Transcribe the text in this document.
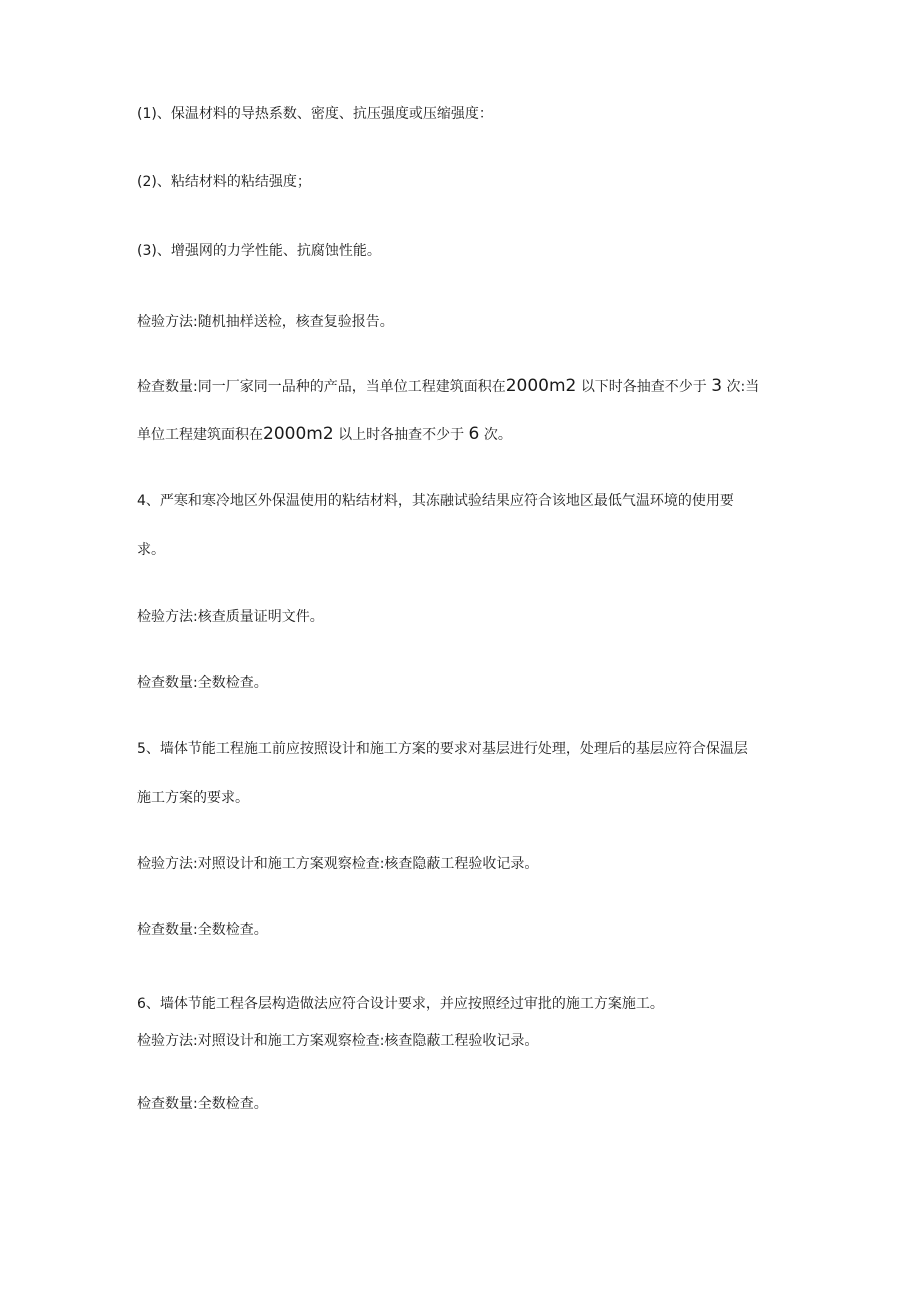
(1)、保温材料的导热系数、密度、抗压强度或压缩强度：
(2)、粘结材料的粘结强度；
(3)、增强网的力学性能、抗腐蚀性能。
检验方法:随机抽样送检，核查复验报告。
检查数量:同一厂家同一品种的产品，当单位工程建筑面积在2000m2 以下时各抽查不少于 3 次:当
单位工程建筑面积在2000m2 以上时各抽查不少于 6 次。
4、严寒和寒冷地区外保温使用的粘结材料，其冻融试验结果应符合该地区最低气温环境的使用要
求。
检验方法:核查质量证明文件。
检查数量:全数检查。
5、墙体节能工程施工前应按照设计和施工方案的要求对基层进行处理，处理后的基层应符合保温层
施工方案的要求。
检验方法:对照设计和施工方案观察检查:核查隐蔽工程验收记录。
检查数量:全数检查。
6、墙体节能工程各层构造做法应符合设计要求，并应按照经过审批的施工方案施工。
检验方法:对照设计和施工方案观察检查:核查隐蔽工程验收记录。
检查数量:全数检查。
